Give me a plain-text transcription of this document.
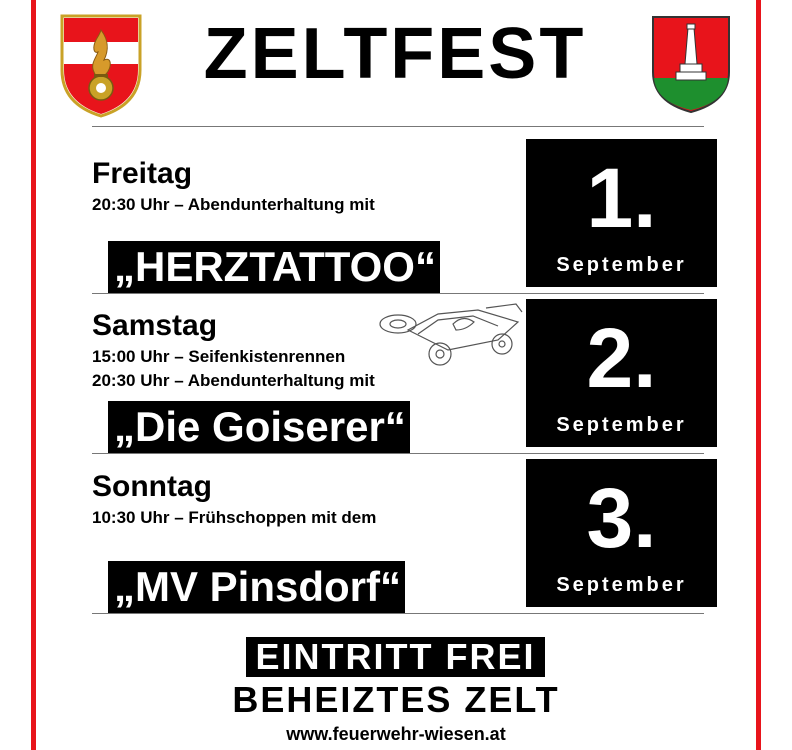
ZELTFEST
Freitag
20:30 Uhr – Abendunterhaltung mit
„HERZTATTOO“
1.
September
Samstag
15:00 Uhr – Seifenkistenrennen
20:30 Uhr – Abendunterhaltung mit
„Die Goiserer“
2.
September
Sonntag
10:30 Uhr – Frühschoppen mit dem
„MV Pinsdorf“
3.
September
EINTRITT FREI
BEHEIZTES ZELT
www.feuerwehr-wiesen.at
